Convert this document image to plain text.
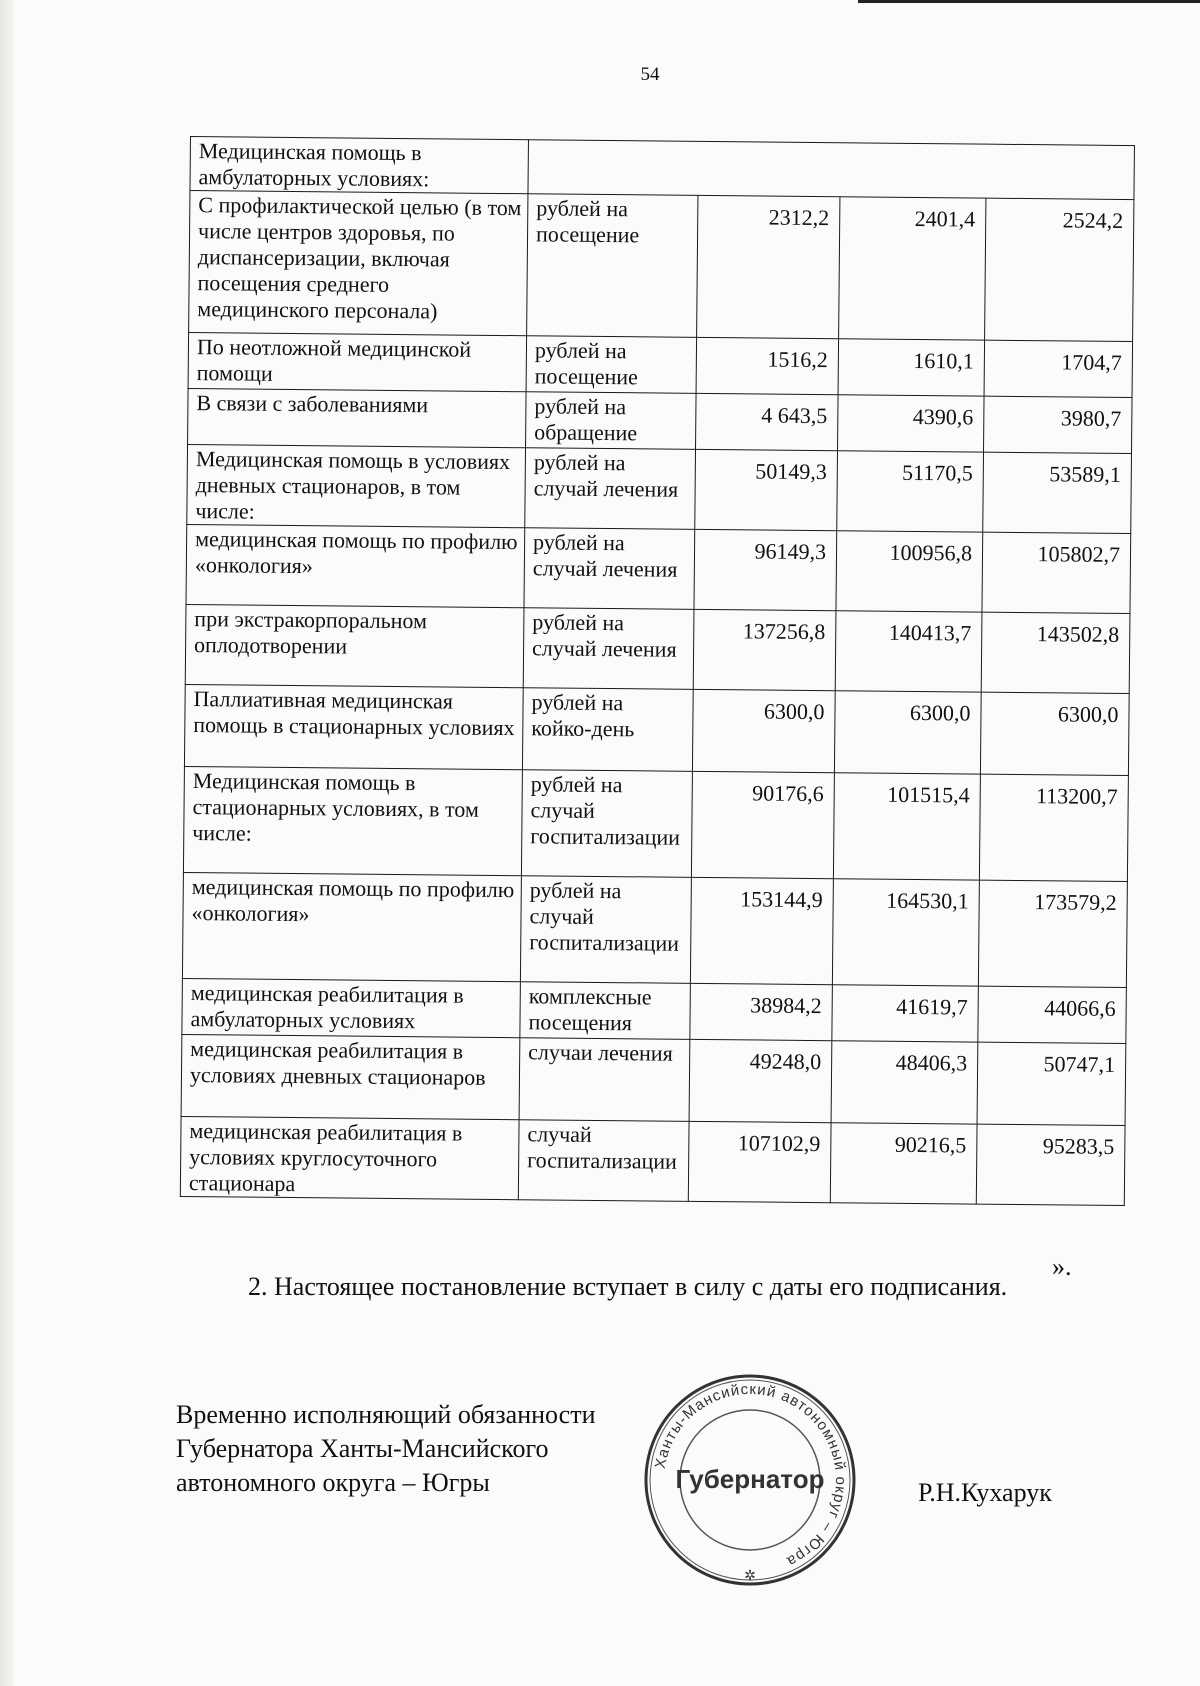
54
Медицинская помощь в амбулаторных условиях:				
С профилактической целью (в том числе центров здоровья, по диспансеризации, включая посещения среднего медицинского персонала)	рублей на посещение	2312,2	2401,4	2524,2
По неотложной медицинской помощи	рублей на посещение	1516,2	1610,1	1704,7
В связи с заболеваниями	рублей на обращение	4 643,5	4390,6	3980,7
Медицинская помощь в условиях дневных стационаров, в том числе:	рублей на случай лечения	50149,3	51170,5	53589,1
медицинская помощь по профилю «онкология»	рублей на случай лечения	96149,3	100956,8	105802,7
при экстракорпоральном оплодотворении	рублей на случай лечения	137256,8	140413,7	143502,8
Паллиативная медицинская помощь в стационарных условиях	рублей на койко-день	6300,0	6300,0	6300,0
Медицинская помощь в стационарных условиях, в том числе:	рублей на случай госпитализации	90176,6	101515,4	113200,7
медицинская помощь по профилю «онкология»	рублей на случай госпитализации	153144,9	164530,1	173579,2
медицинская реабилитация в амбулаторных условиях	комплексные посещения	38984,2	41619,7	44066,6
медицинская реабилитация в условиях дневных стационаров	случаи лечения	49248,0	48406,3	50747,1
медицинская реабилитация в условиях круглосуточного стационара	случай госпитализации	107102,9	90216,5	95283,5
».
2. Настоящее постановление вступает в силу с даты его подписания.
Временно исполняющий обязанности
Губернатора Ханты-Мансийского
автономного округа – Югры
Ханты-Мансийский автономный округ – Югра
Губернатор
✲
Р.Н.Кухарук
